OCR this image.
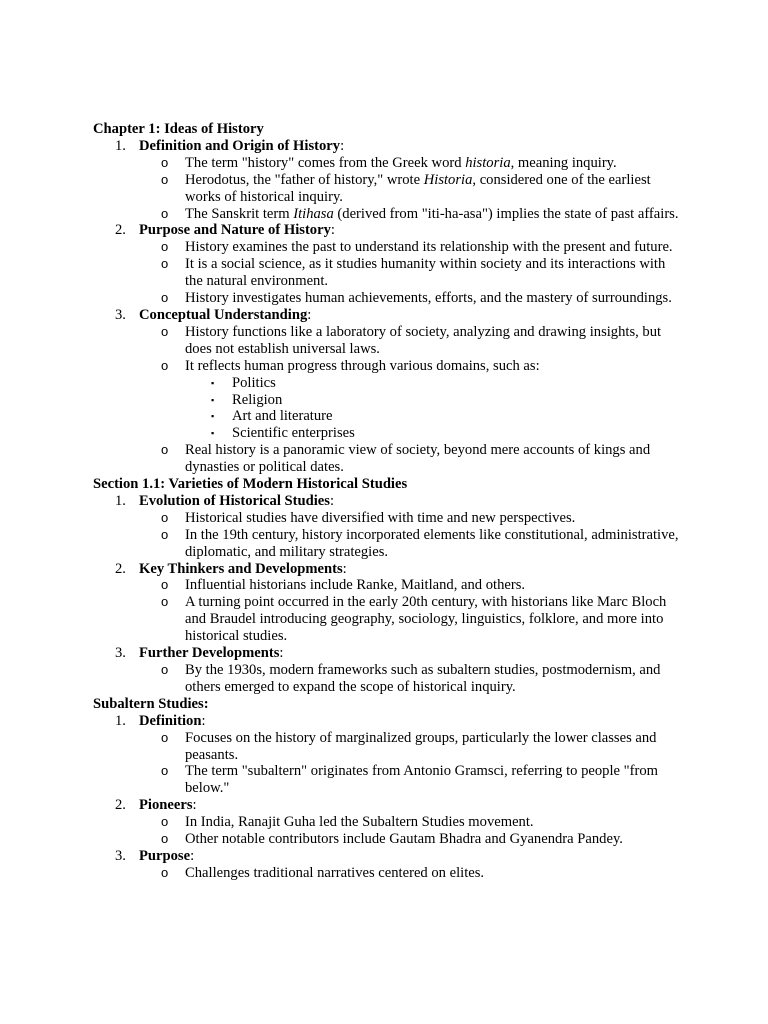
Chapter 1: Ideas of History
1. Definition and Origin of History:
o	The term "history" comes from the Greek word historia, meaning inquiry.
o	Herodotus, the "father of history," wrote Historia, considered one of the earliest works of historical inquiry.
o	The Sanskrit term Itihasa (derived from "iti-ha-asa") implies the state of past affairs.
2. Purpose and Nature of History:
o	History examines the past to understand its relationship with the present and future.
o	It is a social science, as it studies humanity within society and its interactions with the natural environment.
o	History investigates human achievements, efforts, and the mastery of surroundings.
3. Conceptual Understanding:
o	History functions like a laboratory of society, analyzing and drawing insights, but does not establish universal laws.
o	It reflects human progress through various domains, such as:
▪	Politics
▪	Religion
▪	Art and literature
▪	Scientific enterprises
o	Real history is a panoramic view of society, beyond mere accounts of kings and dynasties or political dates.
Section 1.1: Varieties of Modern Historical Studies
1. Evolution of Historical Studies:
o	Historical studies have diversified with time and new perspectives.
o	In the 19th century, history incorporated elements like constitutional, administrative, diplomatic, and military strategies.
2. Key Thinkers and Developments:
o	Influential historians include Ranke, Maitland, and others.
o	A turning point occurred in the early 20th century, with historians like Marc Bloch and Braudel introducing geography, sociology, linguistics, folklore, and more into historical studies.
3. Further Developments:
o	By the 1930s, modern frameworks such as subaltern studies, postmodernism, and others emerged to expand the scope of historical inquiry.
Subaltern Studies:
1. Definition:
o	Focuses on the history of marginalized groups, particularly the lower classes and peasants.
o	The term "subaltern" originates from Antonio Gramsci, referring to people "from below."
2. Pioneers:
o	In India, Ranajit Guha led the Subaltern Studies movement.
o	Other notable contributors include Gautam Bhadra and Gyanendra Pandey.
3. Purpose:
o	Challenges traditional narratives centered on elites.
